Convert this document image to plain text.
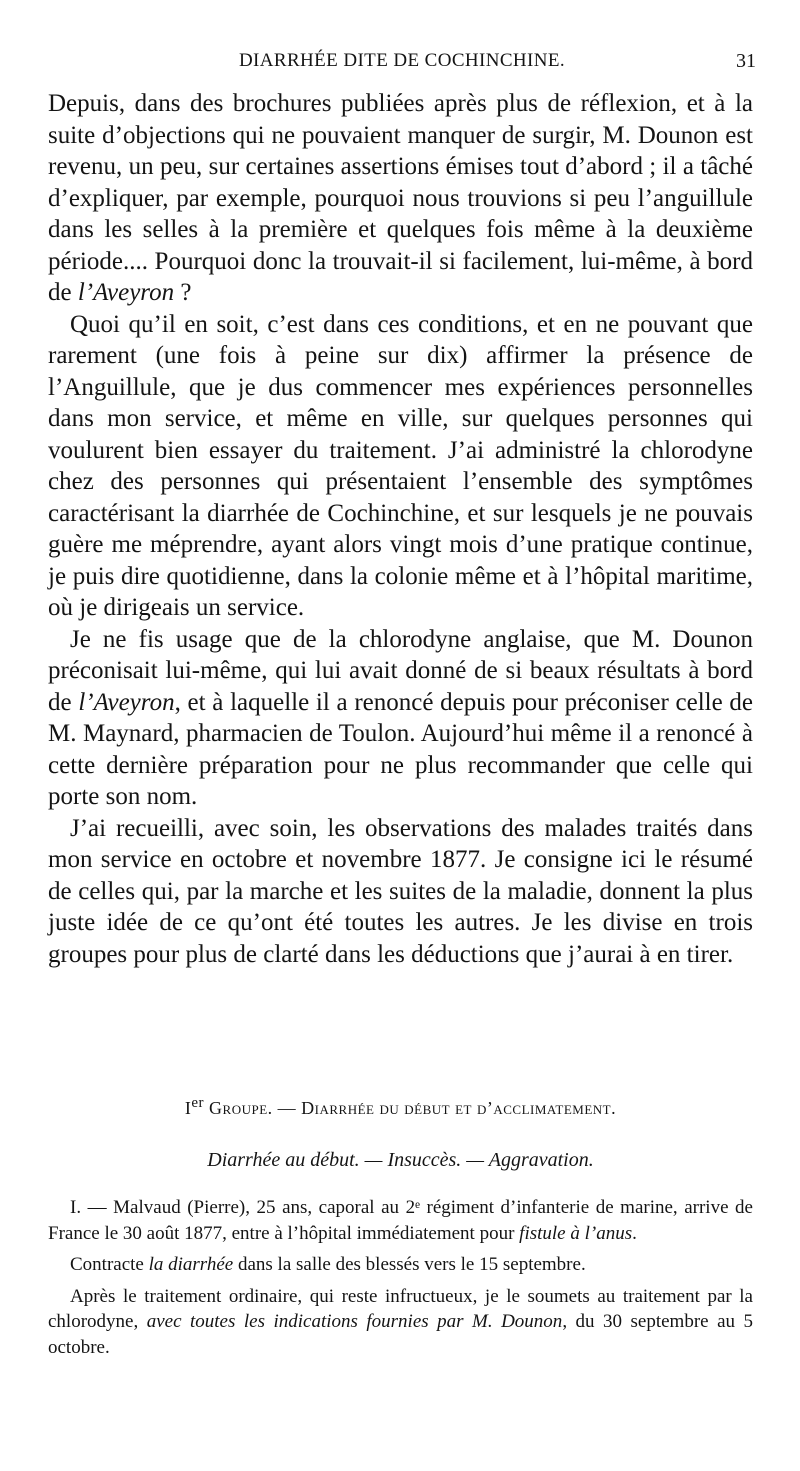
DIARRHÉE DITE DE COCHINCHINE.	31

Depuis, dans des brochures publiées après plus de réflexion, et à la suite d’objections qui ne pouvaient manquer de surgir, M. Dounon est revenu, un peu, sur certaines assertions émises tout d’abord ; il a tâché d’expliquer, par exemple, pourquoi nous trouvions si peu l’anguillule dans les selles à la première et quelques fois même à la deuxième période.... Pourquoi donc la trouvait-il si facilement, lui-même, à bord de l’Aveyron ?

Quoi qu’il en soit, c’est dans ces conditions, et en ne pouvant que rarement (une fois à peine sur dix) affirmer la présence de l’Anguillule, que je dus commencer mes expériences personnelles dans mon service, et même en ville, sur quelques personnes qui voulurent bien essayer du traitement. J’ai administré la chlorodyne chez des personnes qui présentaient l’ensemble des symptômes caractérisant la diarrhée de Cochinchine, et sur lesquels je ne pouvais guère me méprendre, ayant alors vingt mois d’une pratique continue, je puis dire quotidienne, dans la colonie même et à l’hôpital maritime, où je dirigeais un service.

Je ne fis usage que de la chlorodyne anglaise, que M. Dounon préconisait lui-même, qui lui avait donné de si beaux résultats à bord de l’Aveyron, et à laquelle il a renoncé depuis pour préconiser celle de M. Maynard, pharmacien de Toulon. Aujourd’hui même il a renoncé à cette dernière préparation pour ne plus recommander que celle qui porte son nom.

J’ai recueilli, avec soin, les observations des malades traités dans mon service en octobre et novembre 1877. Je consigne ici le résumé de celles qui, par la marche et les suites de la maladie, donnent la plus juste idée de ce qu’ont été toutes les autres. Je les divise en trois groupes pour plus de clarté dans les déductions que j’aurai à en tirer.

Ier Groupe. — Diarrhée du début et d’acclimatement.
Diarrhée au début. — Insuccès. — Aggravation.

I. — Malvaud (Pierre), 25 ans, caporal au 2ᵉ régiment d’infanterie de marine, arrive de France le 30 août 1877, entre à l’hôpital immédiatement pour fistule à l’anus.

Contracte la diarrhée dans la salle des blessés vers le 15 septembre.

Après le traitement ordinaire, qui reste infructueux, je le soumets au traitement par la chlorodyne, avec toutes les indications fournies par M. Dounon, du 30 septembre au 5 octobre.
